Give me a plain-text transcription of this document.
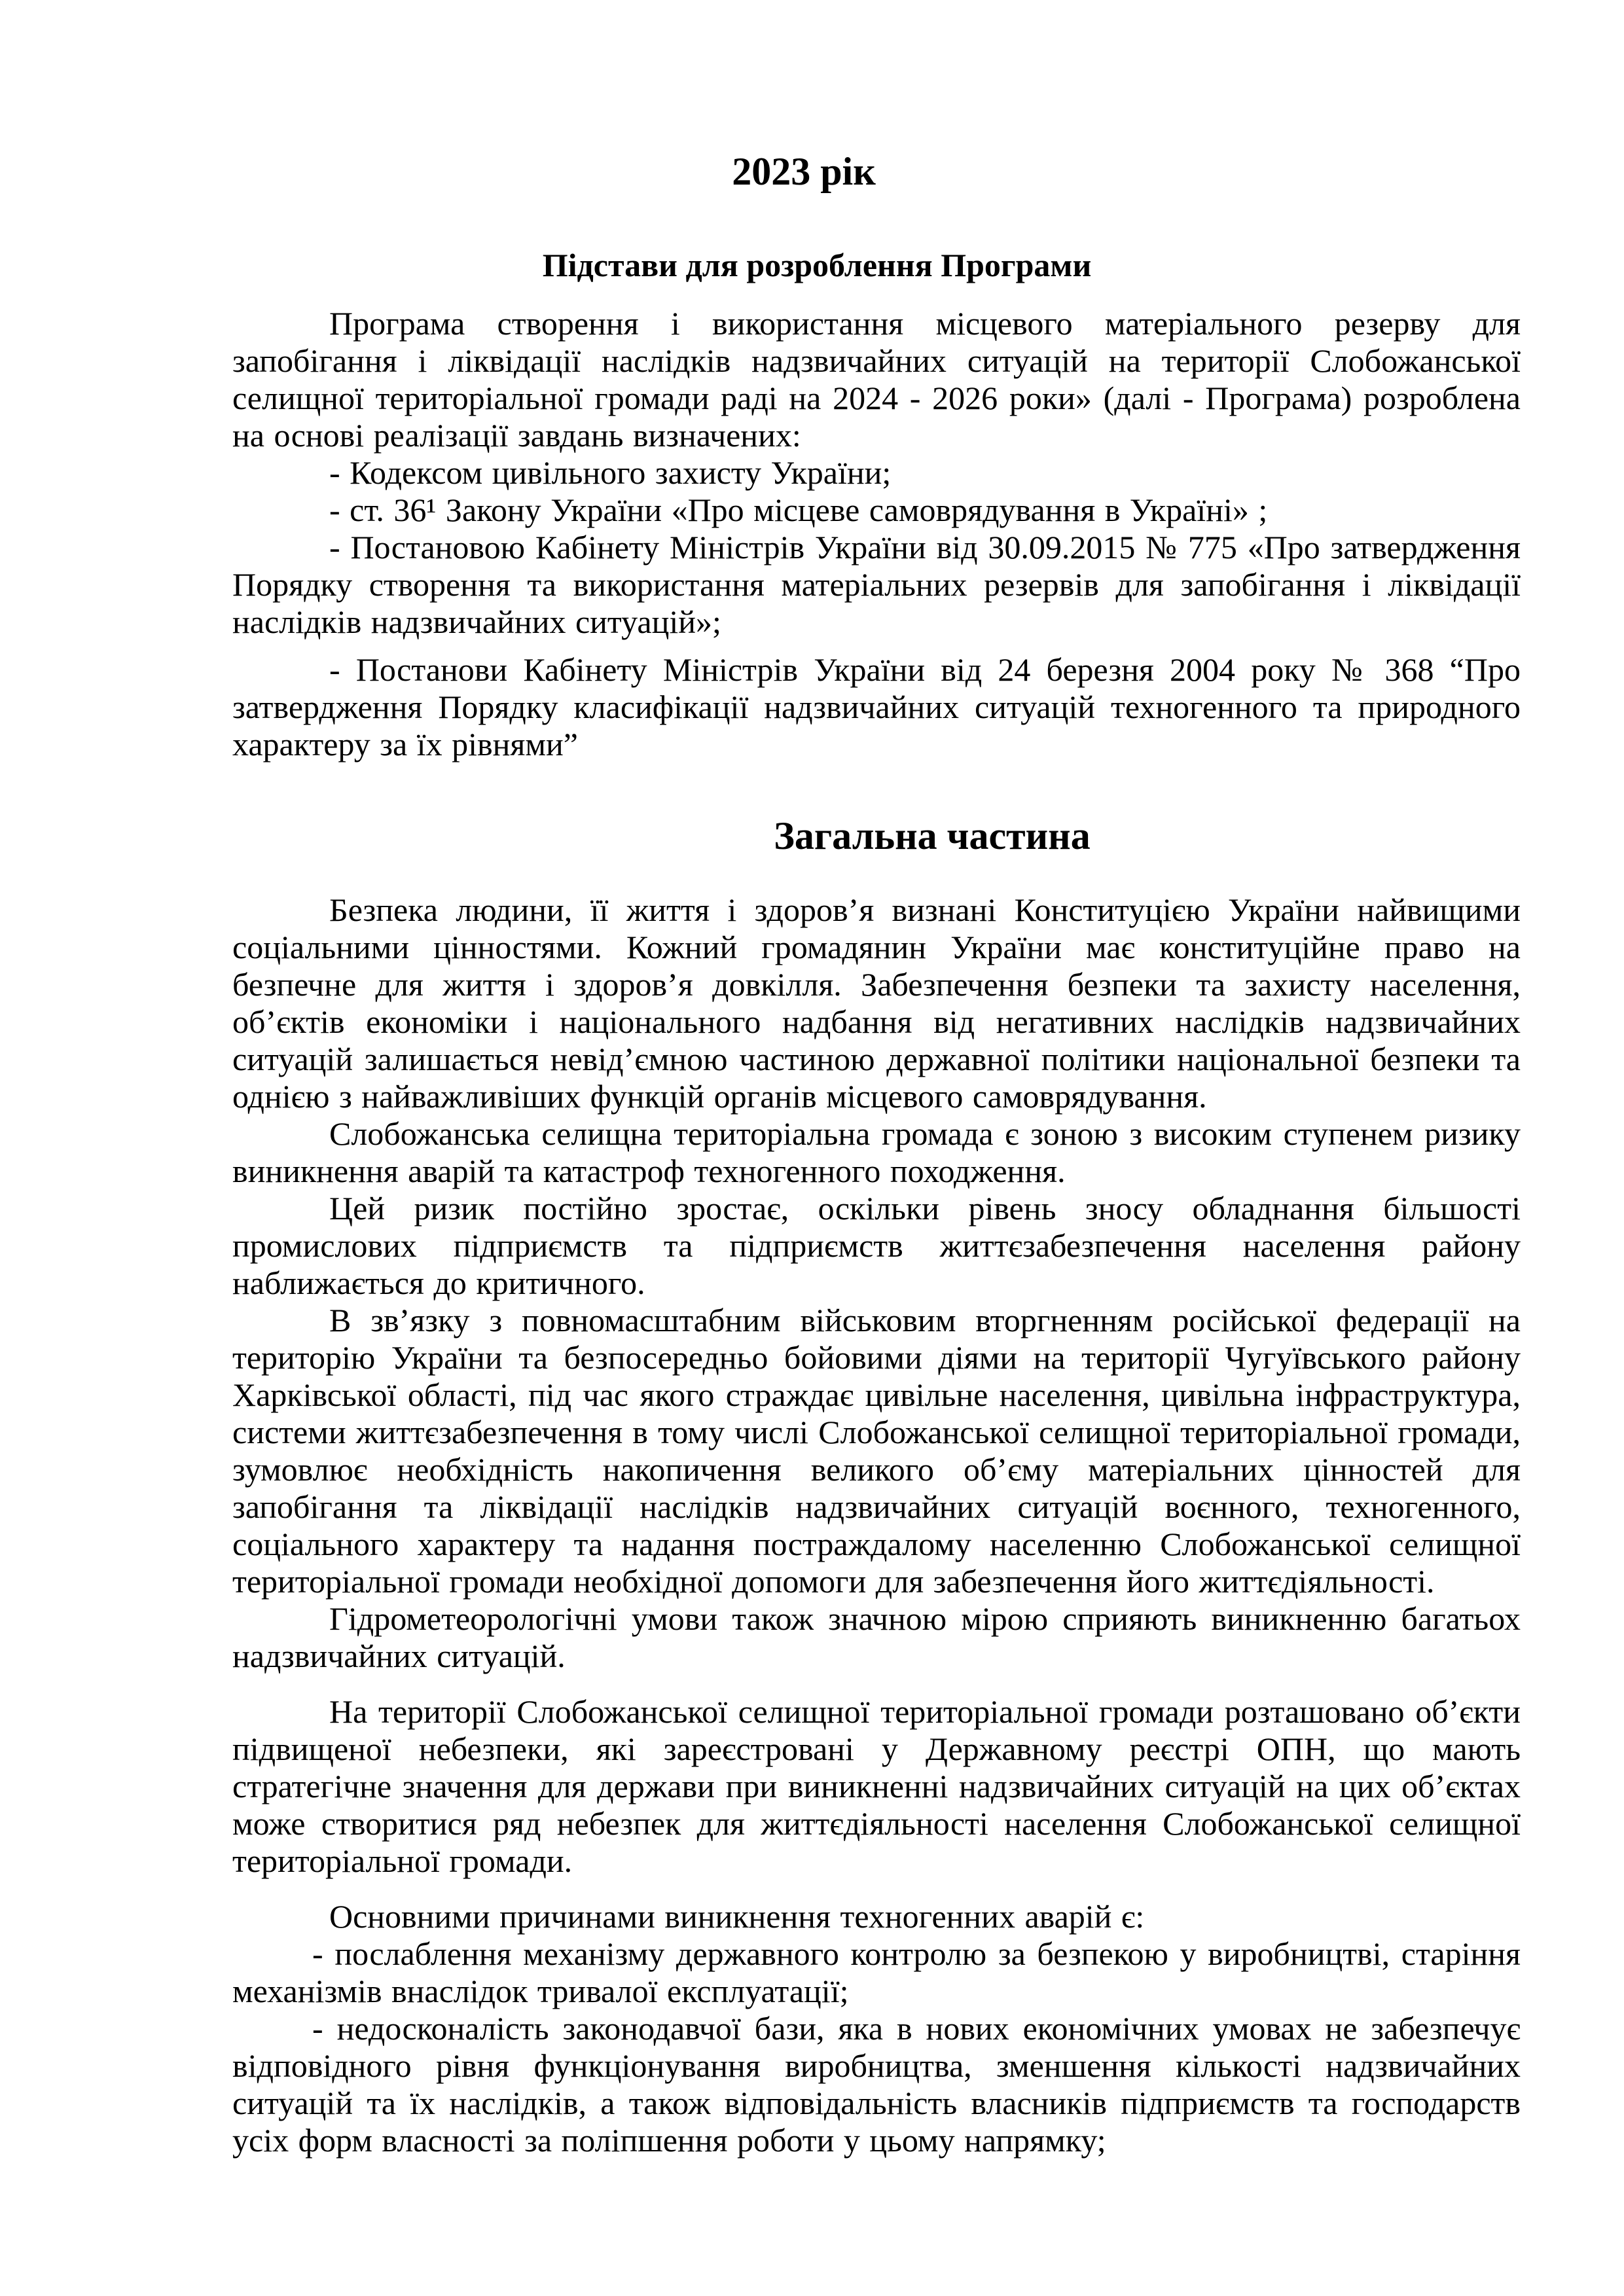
2023 рік
Підстави для розроблення Програми

Програма створення і використання місцевого матеріального резерву для запобігання і ліквідації наслідків надзвичайних ситуацій на території Слобожанської селищної територіальної громади раді на 2024 - 2026 роки» (далі - Програма) розроблена на основі реалізації завдань визначених:

- Кодексом цивільного захисту України;

- ст. 36¹ Закону України «Про місцеве самоврядування в Україні» ;

- Постановою Кабінету Міністрів України від 30.09.2015 № 775 «Про затвердження Порядку створення та використання матеріальних резервів для запобігання і ліквідації наслідків надзвичайних ситуацій»;

- Постанови Кабінету Міністрів України від 24 березня 2004 року № 368 “Про затвердження Порядку класифікації надзвичайних ситуацій техногенного та природного характеру за їх рівнями”

Загальна частина

Безпека людини, її життя і здоров’я визнані Конституцією України найвищими соціальними цінностями. Кожний громадянин України має конституційне право на безпечне для життя і здоров’я довкілля. Забезпечення безпеки та захисту населення, об’єктів економіки і національного надбання від негативних наслідків надзвичайних ситуацій залишається невід’ємною частиною державної політики національної безпеки та однією з найважливіших функцій органів місцевого самоврядування.

Слобожанська селищна територіальна громада є зоною з високим ступенем ризику виникнення аварій та катастроф техногенного походження.

Цей ризик постійно зростає, оскільки рівень зносу обладнання більшості промислових підприємств та підприємств життєзабезпечення населення району наближається до критичного.

В зв’язку з повномасштабним військовим вторгненням російської федерації на територію України та безпосередньо бойовими діями на території Чугуївського району Харківської області, під час якого страждає цивільне населення, цивільна інфраструктура, системи життєзабезпечення в тому числі Слобожанської селищної територіальної громади, зумовлює необхідність накопичення великого об’єму матеріальних цінностей для запобігання та ліквідації наслідків надзвичайних ситуацій воєнного, техногенного, соціального характеру та надання постраждалому населенню Слобожанської селищної територіальної громади необхідної допомоги для забезпечення його життєдіяльності.

Гідрометеорологічні умови також значною мірою сприяють виникненню багатьох надзвичайних ситуацій.

На території Слобожанської селищної територіальної громади розташовано об’єкти підвищеної небезпеки, які зареєстровані у Державному реєстрі ОПН, що мають стратегічне значення для держави при виникненні надзвичайних ситуацій на цих об’єктах може створитися ряд небезпек для життєдіяльності населення Слобожанської селищної територіальної громади.

Основними причинами виникнення техногенних аварій є:

- послаблення механізму державного контролю за безпекою у виробництві, старіння механізмів внаслідок тривалої експлуатації;

- недосконалість законодавчої бази, яка в нових економічних умовах не забезпечує відповідного рівня функціонування виробництва, зменшення кількості надзвичайних ситуацій та їх наслідків, а також відповідальність власників підприємств та господарств усіх форм власності за поліпшення роботи у цьому напрямку;
